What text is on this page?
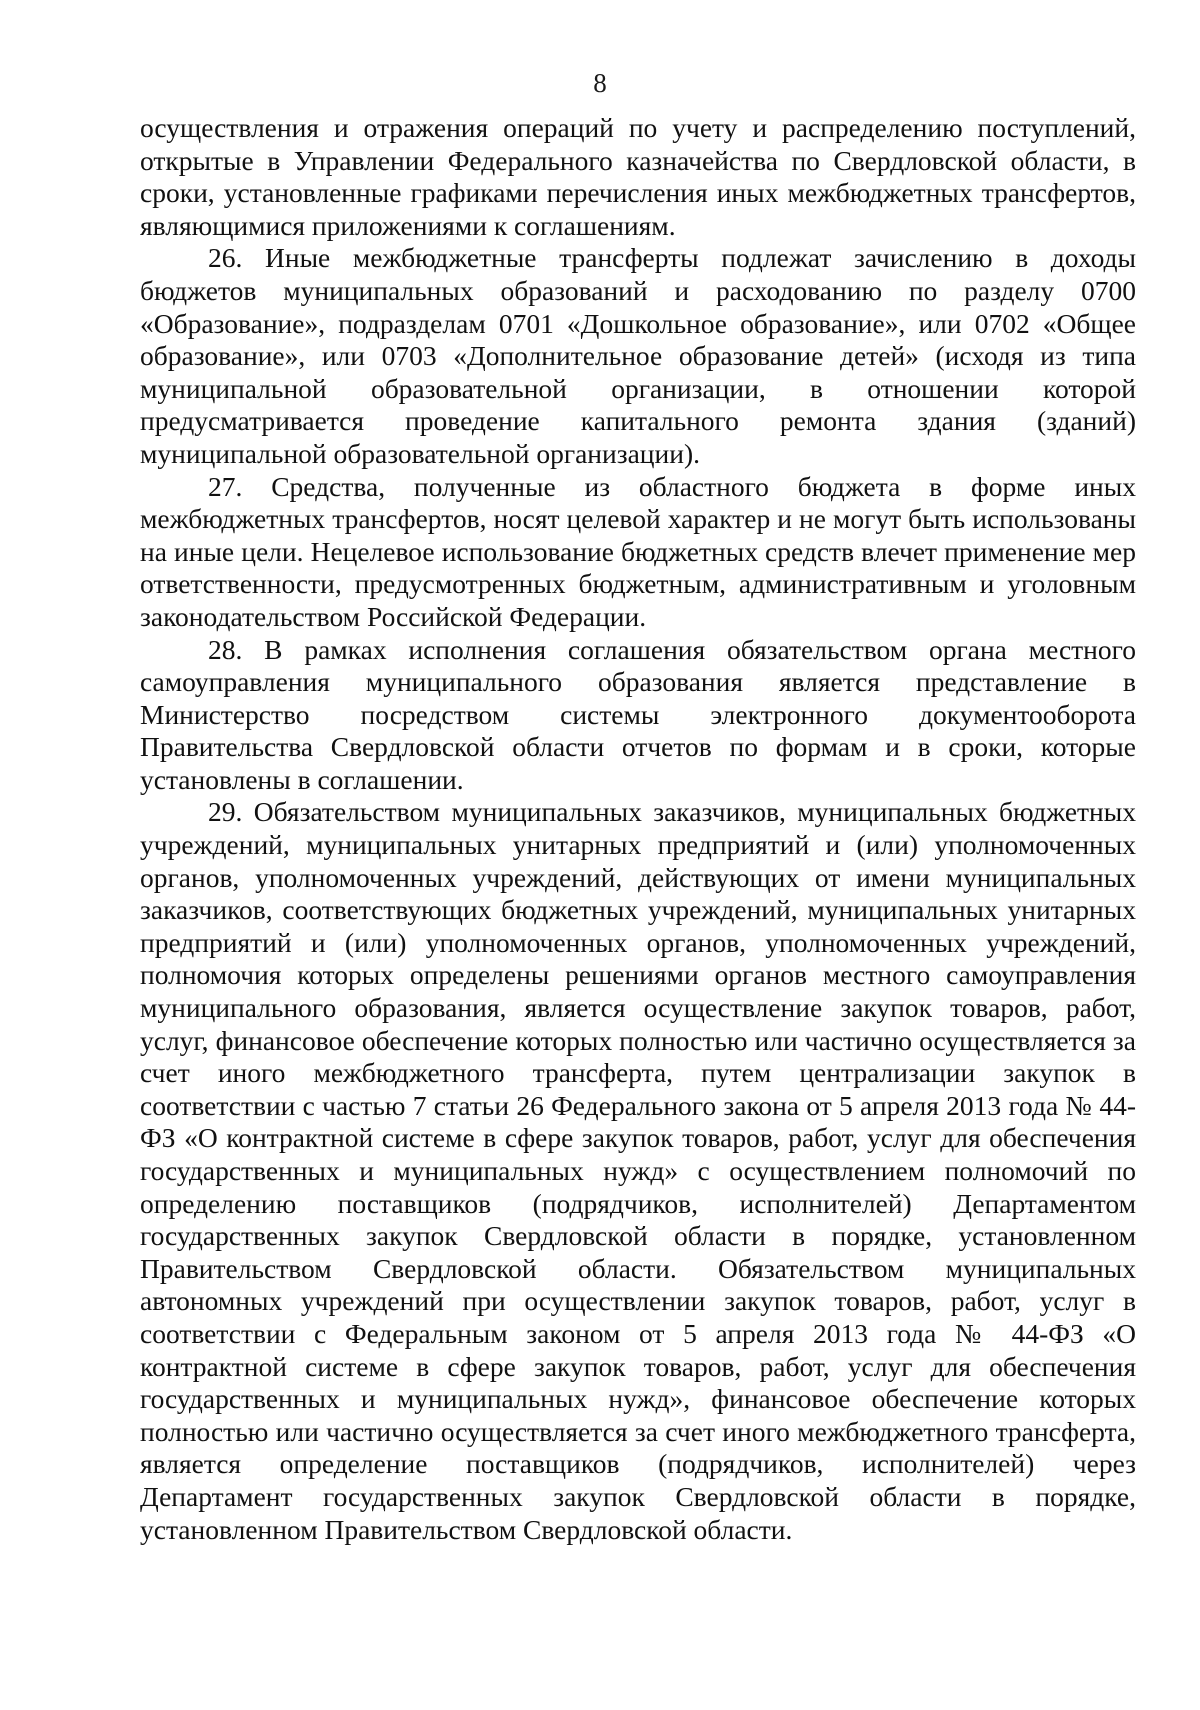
8

осуществления и отражения операций по учету и распределению поступлений, открытые в Управлении Федерального казначейства по Свердловской области, в сроки, установленные графиками перечисления иных межбюджетных трансфертов, являющимися приложениями к соглашениям.

26. Иные межбюджетные трансферты подлежат зачислению в доходы бюджетов муниципальных образований и расходованию по разделу 0700 «Образование», подразделам 0701 «Дошкольное образование», или 0702 «Общее образование», или 0703 «Дополнительное образование детей» (исходя из типа муниципальной образовательной организации, в отношении которой предусматривается проведение капитального ремонта здания (зданий) муниципальной образовательной организации).

27. Средства, полученные из областного бюджета в форме иных межбюджетных трансфертов, носят целевой характер и не могут быть использованы на иные цели. Нецелевое использование бюджетных средств влечет применение мер ответственности, предусмотренных бюджетным, административным и уголовным законодательством Российской Федерации.

28. В рамках исполнения соглашения обязательством органа местного самоуправления муниципального образования является представление в Министерство посредством системы электронного документооборота Правительства Свердловской области отчетов по формам и в сроки, которые установлены в соглашении.

29. Обязательством муниципальных заказчиков, муниципальных бюджетных учреждений, муниципальных унитарных предприятий и (или) уполномоченных органов, уполномоченных учреждений, действующих от имени муниципальных заказчиков, соответствующих бюджетных учреждений, муниципальных унитарных предприятий и (или) уполномоченных органов, уполномоченных учреждений, полномочия которых определены решениями органов местного самоуправления муниципального образования, является осуществление закупок товаров, работ, услуг, финансовое обеспечение которых полностью или частично осуществляется за счет иного межбюджетного трансферта, путем централизации закупок в соответствии с частью 7 статьи 26 Федерального закона от 5 апреля 2013 года № 44-ФЗ «О контрактной системе в сфере закупок товаров, работ, услуг для обеспечения государственных и муниципальных нужд» с осуществлением полномочий по определению поставщиков (подрядчиков, исполнителей) Департаментом государственных закупок Свердловской области в порядке, установленном Правительством Свердловской области. Обязательством муниципальных автономных учреждений при осуществлении закупок товаров, работ, услуг в соответствии с Федеральным законом от 5 апреля 2013 года № 44-ФЗ «О контрактной системе в сфере закупок товаров, работ, услуг для обеспечения государственных и муниципальных нужд», финансовое обеспечение которых полностью или частично осуществляется за счет иного межбюджетного трансферта, является определение поставщиков (подрядчиков, исполнителей) через Департамент государственных закупок Свердловской области в порядке, установленном Правительством Свердловской области.
